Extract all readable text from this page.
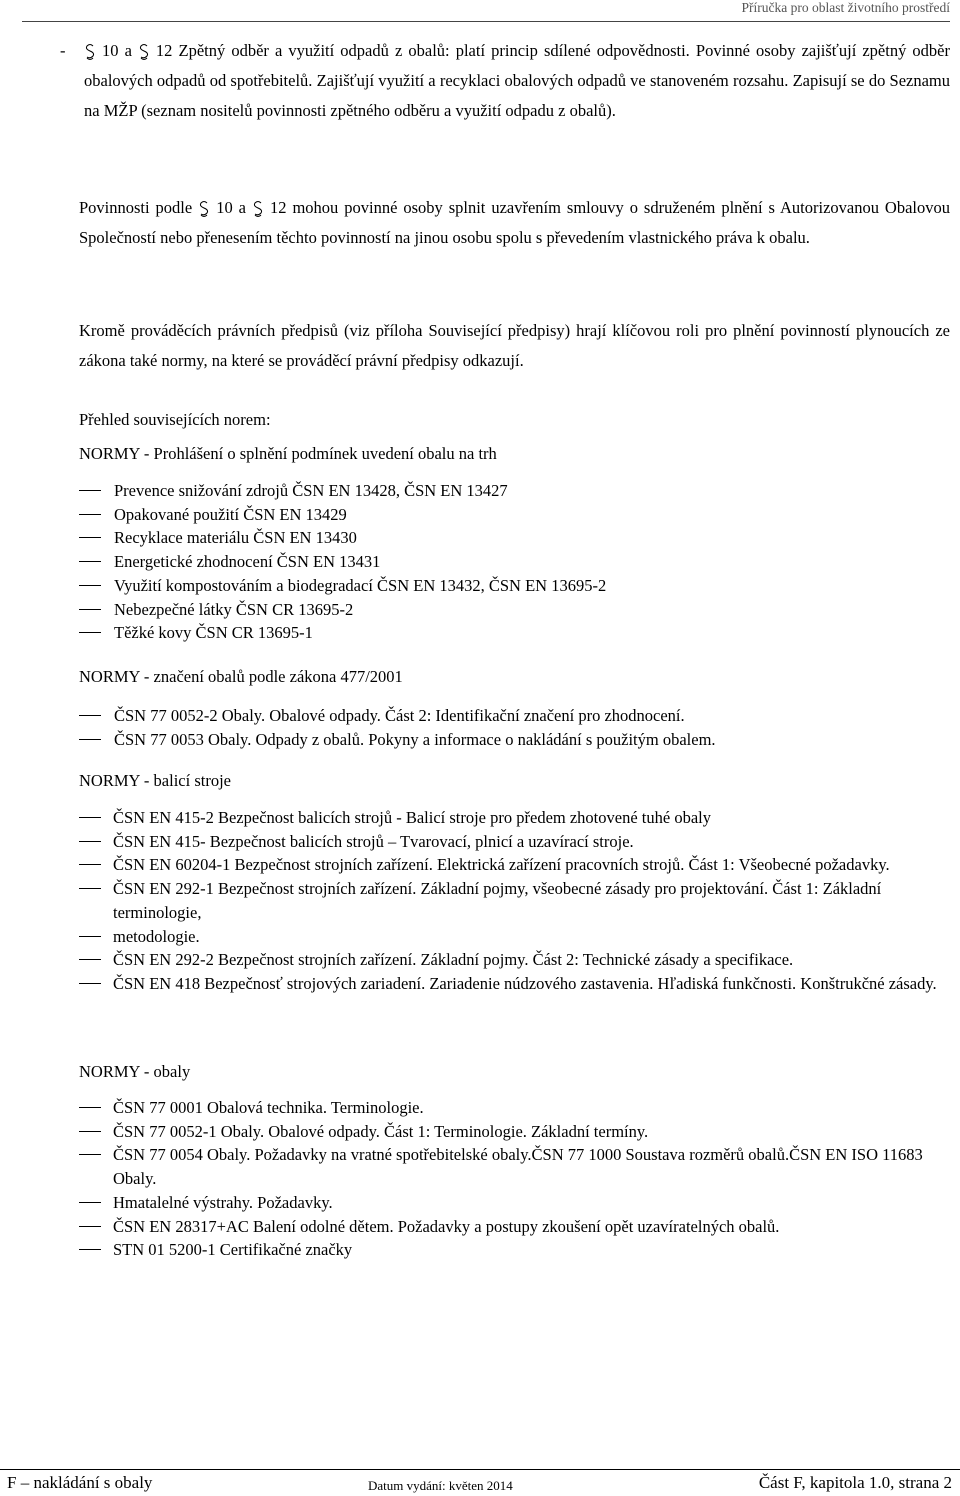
Příručka pro oblast životního prostředí
- 10 a 12 Zpětný odběr a využití odpadů z obalů: platí princip sdílené odpovědnosti. Povinné osoby zajišťují zpětný odběr obalových odpadů od spotřebitelů. Zajišťují využití a recyklaci obalových odpadů ve stanoveném rozsahu. Zapisují se do Seznamu na MŽP (seznam nositelů povinnosti zpětného odběru a využití odpadu z obalů).

Povinnosti podle 10 a 12 mohou povinné osoby splnit uzavřením smlouvy o sdruženém plnění s Autorizovanou Obalovou Společností nebo přenesením těchto povinností na jinou osobu spolu s převedením vlastnického práva k obalu.

Kromě prováděcích právních předpisů (viz příloha Související předpisy) hrají klíčovou roli pro plnění povinností plynoucích ze zákona také normy, na které se prováděcí právní předpisy odkazují.

Přehled souvisejících norem:
NORMY - Prohlášení o splnění podmínek uvedení obalu na trh
Prevence snižování zdrojů ČSN EN 13428, ČSN EN 13427
Opakované použití ČSN EN 13429
Recyklace materiálu ČSN EN 13430
Energetické zhodnocení ČSN EN 13431
Využití kompostováním a biodegradací ČSN EN 13432, ČSN EN 13695-2
Nebezpečné látky ČSN CR 13695-2
Těžké kovy ČSN CR 13695-1
NORMY - značení obalů podle zákona 477/2001
ČSN 77 0052-2 Obaly. Obalové odpady. Část 2: Identifikační značení pro zhodnocení.
ČSN 77 0053 Obaly. Odpady z obalů. Pokyny a informace o nakládání s použitým obalem.
NORMY - balicí stroje
ČSN EN 415-2 Bezpečnost balicích strojů - Balicí stroje pro předem zhotovené tuhé obaly
ČSN EN 415- Bezpečnost balicích strojů – Tvarovací, plnicí a uzavírací stroje.
ČSN EN 60204-1 Bezpečnost strojních zařízení. Elektrická zařízení pracovních strojů. Část 1: Všeobecné požadavky.
ČSN EN 292-1 Bezpečnost strojních zařízení. Základní pojmy, všeobecné zásady pro projektování. Část 1: Základní terminologie,
metodologie.
ČSN EN 292-2 Bezpečnost strojních zařízení. Základní pojmy. Část 2: Technické zásady a specifikace.
ČSN EN 418 Bezpečnosť strojových zariadení. Zariadenie núdzového zastavenia. Hľadiská funkčnosti. Konštrukčné zásady.
NORMY - obaly
ČSN 77 0001 Obalová technika. Terminologie.
ČSN 77 0052-1 Obaly. Obalové odpady. Část 1: Terminologie. Základní termíny.
ČSN 77 0054 Obaly. Požadavky na vratné spotřebitelské obaly.ČSN 77 1000 Soustava rozměrů obalů.ČSN EN ISO 11683 Obaly.
Hmatalelné výstrahy. Požadavky.
ČSN EN 28317+AC Balení odolné dětem. Požadavky a postupy zkoušení opět uzavíratelných obalů.
STN 01 5200-1 Certifikačné značky
F – nakládání s obaly	Datum vydání: květen 2014	Část F, kapitola 1.0, strana 2
